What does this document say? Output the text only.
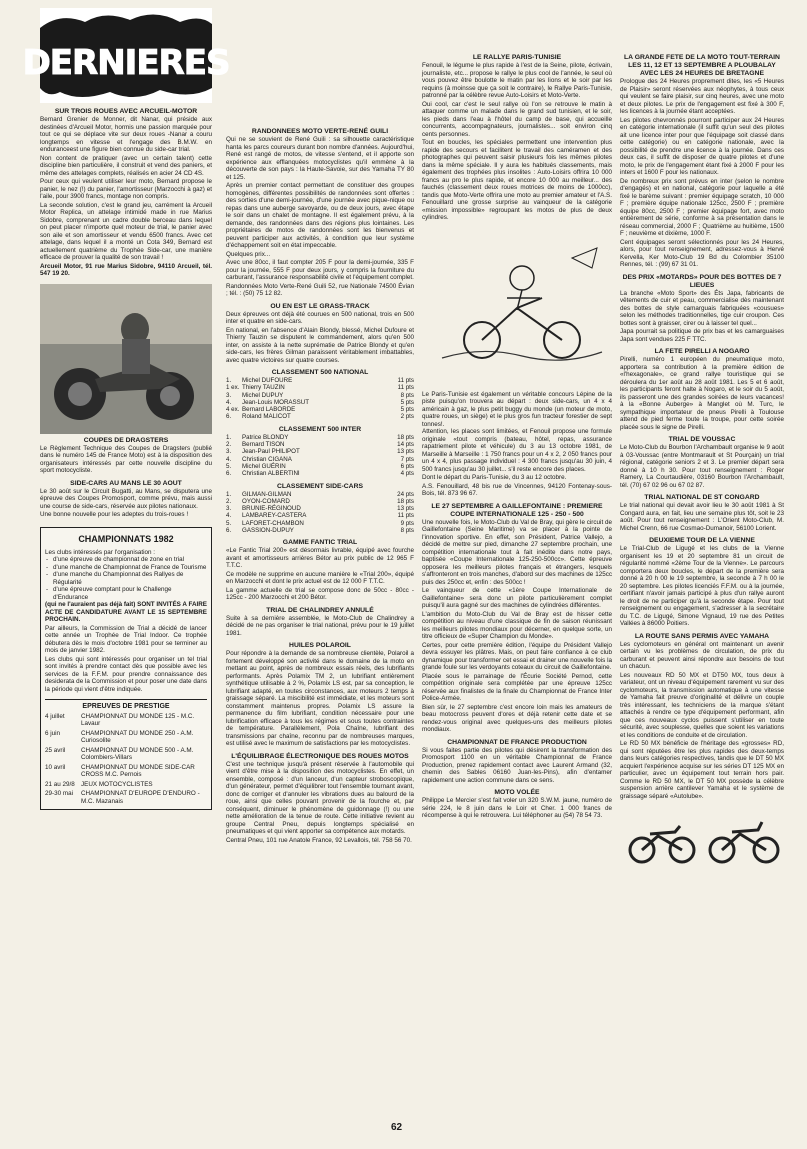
DERNIERES
SUR TROIS ROUES AVEC ARCUEIL-MOTOR
Bernard Grenier de Monner, dit Nanar, qui préside aux destinées d'Arcueil Motor, hormis une passion marquée pour tout ce qui se déplace vite sur deux roues -Nanar a couru longtemps en vitesse et l'engage des B.M.W. en enduranceest une figure bien connue du side-car trial.
Non content de pratiquer (avec un certain talent) cette discipline bien particulière, il construit et vend des paniers, et même des attelages complets, réalisés en acier 24 CD 4S.
Pour ceux qui veulent utiliser leur moto, Bernard propose le panier, le nez (!) du panier, l'amortisseur (Marzocchi à gaz) et l'aile, pour 3900 francs, montage non compris.
La seconde solution, c'est le grand jeu, carrément la Arcueil Motor Replica, un attelage intimidé made in rue Marius Sidobre, comprenant un cadre double berceau dans lequel on peut placer n'importe quel moteur de trial, le panier avec son aile et son amortisseur et vendu 6500 francs. Avec cet attelage, dans lequel il a monté un Cota 349, Bernard est actuellement quatrième du Trophée Side-car, une manière efficace de prouver la qualité de son travail !
Arcueil Motor, 91 rue Marius Sidobre, 94110 Arcueil, tél. 547 19 20.
COUPES DE DRAGSTERS
Le Règlement Technique des Coupes de Dragsters (publié dans le numéro 145 de France Moto) est à la disposition des organisateurs intéressés par cette nouvelle discipline du sport motocycliste.
SIDE-CARS AU MANS LE 30 AOUT
Le 30 août sur le Circuit Bugatti, au Mans, se disputera une épreuve des Coupes Promosport, comme prévu, mais aussi une course de side-cars, réservée aux pilotes nationaux.
Une bonne nouvelle pour les adeptes du trois-roues !
CHAMPIONNATS 1982
Les clubs intéressés par l'organisation :
- d'une épreuve de championnat de zone en trial
- d'une manche de Championnat de France de Tourisme
- d'une manche du Championnat des Rallyes de Régularité
- d'une épreuve comptant pour le Challenge d'Endurance
(qui ne l'auraient pas déjà fait) SONT INVITÉS A FAIRE ACTE DE CANDIDATURE AVANT LE 15 SEPTEMBRE PROCHAIN.
Par ailleurs, la Commission de Trial a décidé de lancer cette année un Trophée de Trial Indoor. Ce trophée débutera dès le mois d'octobre 1981 pour se terminer au mois de janvier 1982.
Les clubs qui sont intéressés pour organiser un tel trial sont invités à prendre contact dès que possible avec les services de la F.F.M. pour prendre connaissance des desiderata de la Commission et pour poser une date dans la période qui vient d'être indiquée.
EPREUVES DE PRESTIGE
4 juillet	CHAMPIONNAT DU MONDE 125 - M.C. Lavaur
6 juin	CHAMPIONNAT DU MONDE 250 - A.M. Curiosolite
25 avril	CHAMPIONNAT DU MONDE 500 - A.M. Colombiers-Villars
10 avril	CHAMPIONNAT DU MONDE SIDE-CAR CROSS M.C. Pernois
21 au 29/8 JEUX MOTOCYCLISTES
29-30 mai	CHAMPIONNAT D'EUROPE D'ENDURO - M.C. Mazanais
RANDONNEES MOTO VERTE-RENÉ GUILI
Qui ne se souvient de René Guili : sa silhouette caractéristique hanta les parcs coureurs durant bon nombre d'années. Aujourd'hui, René est rangé de motos, de vitesse s'entend, et il apporte son expérience aux efflanquées motocyclistes qu'il emmène à la découverte de son pays : la Haute-Savoie, sur des Yamaha TY 80 et 125.
Après un premier contact permettant de constituer des groupes homogènes, différentes possibilités de randonnées sont offertes : des sorties d'une demi-journée, d'une journée avec pique-nique ou repas dans une auberge savoyarde, ou de deux jours, avec étape le soir dans un chalet de montagne. Il est également prévu, à la demande, des randonnées dans des régions plus lointaines. Les propriétaires de motos de randonnées sont les bienvenus et peuvent participer aux activités, à condition que leur système d'échappement soit en état impeccable.
Quelques prix...
Avec une 80cc, il faut compter 205 F pour la demi-journée, 335 F pour la journée, 555 F pour deux jours, y compris la fourniture du carburant, l'assurance responsabilité civile et l'équipement complet.
Randonnées Moto Verte-René Guili 52, rue Nationale 74500 Évian ; tél. : (50) 75 12 82.
OU EN EST LE GRASS-TRACK
Deux épreuves ont déjà été courues en 500 national, trois en 500 inter et quatre en side-cars.
En national, en l'absence d'Alain Blondy, blessé, Michel Dufoure et Thierry Tauzin se disputent le commandement, alors qu'en 500 inter, on assiste à la nette suprématie de Patrice Blondy et qu'en side-cars, les frères Gilman paraissent véritablement imbattables, avec quatre victoires sur quatre courses.
CLASSEMENT 500 NATIONAL
1.	Michel DUFOURE	11 pts
1 ex.	Thierry TAUZIN	11 pts
3.	Michel DUPUY	8 pts
4.	Jean-Louis MORASSUT	5 pts
4 ex.	Bernard LABORDE	5 pts
6.	Roland MALICOT	2 pts
CLASSEMENT 500 INTER
1.	Patrice BLONDY	18 pts
2.	Bernard TISON	14 pts
3.	Jean-Paul PHILIPOT	13 pts
4.	Christian CIGANA	7 pts
5.	Michel GUÉRIN	6 pts
6.	Christian ALBERTINI	4 pts
CLASSEMENT SIDE-CARS
1.	GILMAN-GILMAN	24 pts
2.	OYON-COMARD	18 pts
3.	BRUNIE-RÉGINOUD	13 pts
4.	LAMBAREY-CASTERA	11 pts
5.	LAFORET-CHAMBON	9 pts
6.	GASSION-DUPUY	8 pts
GAMME FANTIC TRIAL
«Le Fantic Trial 200» est désormais livrable, équipé avec fourche avant et amortisseurs arrières Bétor au prix public de 12 965 F T.T.C.
Ce modèle ne supprime en aucune manière le «Trial 200», équipé en Marzocchi et dont le prix actuel est de 12 000 F T.T.C.
La gamme actuelle de trial se compose donc de 50cc - 80cc - 125cc - 200 Marzocchi et 200 Bétor.
TRIAL DE CHALINDREY ANNULÉ
Suite à sa dernière assemblée, le Moto-Club de Chalindrey a décidé de ne pas organiser le trial national, prévu pour le 19 juillet 1981.
HUILES POLAROIL
Pour répondre à la demande de sa nombreuse clientèle, Polaroil a fortement développé son activité dans le domaine de la moto en mettant au point, après de nombreux essais réels, des lubrifiants performants. Après Polamix TM 2, un lubrifiant entièrement synthétique utilisable à 2 %, Polamix LS est, par sa conception, le lubrifiant adapté, en toutes circonstances, aux moteurs 2 temps à graissage séparé. La miscibilité est immédiate, et les moteurs sont constamment maintenus propres. Polamix LS assure la permanence du film lubrifiant, condition nécessaire pour une lubrification efficace à tous les régimes et sous toutes contraintes de température. Parallèlement, Pola Chaîne, lubrifiant des transmissions par chaîne, reconnu par de nombreuses marques, est utilisé avec le maximum de satisfactions par les motocyclistes.
L'ÉQUILIBRAGE ÉLECTRONIQUE DES ROUES MOTOS
C'est une technique jusqu'à présent réservée à l'automobile qui vient d'être mise à la disposition des motocyclistes. En effet, un ensemble, composé : d'un lanceur, d'un capteur stroboscopique, d'un générateur, permet d'équilibrer tout l'ensemble tournant avant, donc de corriger et d'annuler les vibrations dues au balourd de la roue, ainsi que celles pouvant provenir de la fourche et, par conséquent, diminuer le phénomène de guidonnage (!) ou une nette amélioration de la tenue de route. Cette initiative revient au groupe Central Pneu, depuis longtemps spécialisé en pneumatiques et qui vient apporter sa compétence aux motards.
Central Pneu, 101 rue Anatole France, 92 Levallois, tél. 758 56 70.
LE RALLYE PARIS-TUNISIE
Fenouil, le légume le plus rapide à l'est de la Seine, pilote, écrivain, journaliste, etc... propose le rallye le plus cool de l'année, le seul où vous pouvez être boulotte le matin par les lions et le soir par les requins (à moinsse que ça soit le contraire), le Rallye Paris-Tunisie, patronné par la célèbre revue Auto-Loisirs et Moto-Verte.
Oui cool, car c'est le seul rallye où l'on se retrouve le matin à attaquer comme un malade dans le grand sud tunisien, et le soir, les pieds dans l'eau à l'hôtel du camp de base, qui accueille concurrents, accompagnateurs, journalistes... soit environ cinq cents personnes.
Tout en boucles, les spéciales permettent une intervention plus rapide des secours et facilitent le travail des caméramen et des photographes qui peuvent saisir plusieurs fois les mêmes pilotes dans la même spéciale. Il y aura les habitués classements, mais également des trophées plus insolites : Auto-Loisirs offrira 10 000 francs au pro le plus rapide, et encore 10 000 au meilleur... des fauchés (classement deux roues motrices de moins de 1000cc), tandis que Moto-Verte offrira une moto au premier amateur et l'A.S. Fenouillard une grosse surprise au vainqueur de la catégorie «mission impossible» regroupant les motos de plus de deux cylindres.
Le Paris-Tunisie est également un véritable concours Lépine de la piste puisqu'on trouvera au départ : deux side-cars, un 4 x 4 américain à gaz, le plus petit buggy du monde (un moteur de moto, quatre roues, un siège) et le plus gros fun tracteur forestier de sept tonnes!.
Attention, les places sont limitées, et Fenouil propose une formule originale «tout compris (bateau, hôtel, repas, assurance rapatriement pilote et véhicule) du 3 au 13 octobre 1981, de Marseille à Marseille : 1 750 francs pour un 4 x 2, 2 050 francs pour un 4 x 4, plus passage individuel : 4 300 francs jusqu'au 30 juin, 4 500 francs jusqu'au 30 juillet... s'il reste encore des places.
Dont le départ du Paris-Tunisie, du 3 au 12 octobre.
A.S. Fenouillard, 48 bis rue de Vincennes, 94120 Fontenay-sous-Bois, tél. 873 96 67.
LE 27 SEPTEMBRE A GAILLEFONTAINE : PREMIERE COUPE INTERNATIONALE 125 - 250 - 500
Une nouvelle fois, le Moto-Club du Val de Bray, qui gère le circuit de Gaillefontaine (Seine Maritime) va se placer à la pointe de l'innovation sportive. En effet, son Président, Patrice Vallejo, a décidé de mettre sur pied, dimanche 27 septembre prochain, une compétition internationale tout à fait inédite dans notre pays, baptisée «Coupe Internationale 125-250-500cc». Cette épreuve opposera les meilleurs pilotes français et étrangers, lesquels s'affronteront en trois manches, d'abord sur des machines de 125cc puis des 250cc et, enfin : des 500cc !
Le vainqueur de cette «1ère Coupe Internationale de Gaillefontaine» sera donc un pilote particulièrement complet puisqu'il aura gagné sur des machines de cylindrées différentes.
L'ambition du Moto-Club du Val de Bray est de hisser cette compétition au niveau d'une classique de fin de saison réunissant les meilleurs pilotes mondiaux pour décerner, en quelque sorte, un titre officieux de «Super Champion du Monde».
Certes, pour cette première édition, l'équipe du Président Vallejo devra essuyer les plâtres. Mais, on peut faire confiance à ce club dynamique pour transformer cet essai et drainer une nouvelle fois la grande foule sur les verdoyants coteaux du circuit de Gaillefontaine.
Placée sous le parrainage de l'Écurie Société Pernod, cette compétition originale sera complétée par une épreuve 125cc réservée aux finalistes de la finale du Championnat de France Inter Police-Armée.
Bien sûr, le 27 septembre c'est encore loin mais les amateurs de beau motocross peuvent d'ores et déjà retenir cette date et se rendez-vous original avec quelques-uns des meilleurs pilotes mondiaux.
CHAMPIONNAT DE FRANCE PRODUCTION
Si vous faites partie des pilotes qui désirent la transformation des Promosport 1100 en un véritable Championnat de France Production, prenez rapidement contact avec Laurent Armand (32, chemin des Sables 06160 Juan-les-Pins), afin d'entamer rapidement une action commune dans ce sens.
MOTO VOLÉE
Philippe Le Mercier s'est fait voler un 320 S.W.M. jaune, numéro de série 224, le 8 juin dans le Loir et Cher. 1 000 francs de récompense à qui le retrouvera. Lui téléphoner au (54) 78 54 73.
LA GRANDE FETE DE LA MOTO TOUT-TERRAIN LES 11, 12 ET 13 SEPTEMBRE A PLOUBALAY AVEC LES 24 HEURES DE BRETAGNE
Prologue des 24 Heures proprement dites, les «5 Heures de Plaisir» seront réservées aux néophytes, à tous ceux qui veulent se faire plaisir, sur cinq heures, avec une moto et deux pilotes. Le prix de l'engagement est fixé à 300 F, les licences à la journée étant acceptées.
Les pilotes chevronnés pourront participer aux 24 Heures en catégorie internationale (il suffit qu'un seul des pilotes ait une licence inter pour que l'équipage soit classé dans cette catégorie) ou en catégorie nationale, avec la possibilité de prendre une licence à la journée. Dans ces deux cas, il suffit de disposer de quatre pilotes et d'une moto, le prix de l'engagement étant fixé à 2000 F pour les inters et 1600 F pour les nationaux.
De nombreux prix sont prévus en inter (selon le nombre d'engagés) et en national, catégorie pour laquelle a été fixé le barème suivant : premier équipage scratch, 10 000 F ; première équipe nationale 125cc, 2500 F ; première équipe 80cc, 2500 F ; premier équipage fort, avec moto entièrement de série, conforme à sa présentation dans le réseau commercial, 2000 F ; Quatrième au huitième, 1500 F ; neuvième et dixième, 1000 F.
Cent équipages seront sélectionnés pour les 24 Heures, alors, pour tout renseignement, adressez-vous à Hervé Kervella, Ker Moto-Club 19 Bd du Colombier 35100 Rennes, tél. : (99) 67 31 01.
DES PRIX «MOTARDS» POUR DES BOTTES DE 7 LIEUES
La branche «Moto Sport» des Éts Japa, fabricants de vêtements de cuir et peau, commercialise dès maintenant des bottes de style camarguais fabriquées «cousues» selon les méthodes traditionnelles, tige cuir croupon. Ces bottes sont à graisser, cirer ou à laisser tel quel...
Japa pourrait sa politique de prix bas et les camarguaises Japa sont vendues 225 F TTC.
LA FETE PIRELLI A NOGARO
Pirelli, numéro 1 européen du pneumatique moto, apportera sa contribution à la première édition de «l'hexagonale», ce grand rallye touristique qui se déroulera du 1er août au 28 août 1981. Les 5 et 6 août, les participants feront halte à Nogaro, et le soir du 5 août, ils passeront une des grandes soirées de leurs vacances! à la «Bonne Auberge» à Manglet où M. Turc, le sympathique importateur de pneus Pirelli à Toulouse attend de pied ferme toute la troupe, pour cette soirée placée sous le signe de Pirelli.
TRIAL DE VOUSSAC
Le Moto-Club du Bourbon l'Archambault organise le 9 août à 03-Voussac (entre Montmarault et St Pourçain) un trial régional, catégorie seniors 2 et 3. Le premier départ sera donné à 10 h 30. Pour tout renseignement : Roger Ramery, La Courtaudière, 03160 Bourbon l'Archambault, tél. (70) 67 02 96 ou 67 02 87.
TRIAL NATIONAL DE ST CONGARD
Le trial national qui devait avoir lieu le 30 août 1981 à St Congard aura, en fait, lieu une semaine plus tôt, soit le 23 août. Pour tout renseignement : L'Orient Moto-Club, M. Michel Crenn, 66 rue Cosmao-Dumanoir, 56100 Lorient.
DEUXIEME TOUR DE LA VIENNE
Le Trial-Club de Ligugé et les clubs de la Vienne organisent les 19 et 20 septembre 81 un circuit de régularité nommé «2ème Tour de la Vienne». Le parcours comportera deux boucles, le départ de la première sera donné à 20 h 00 le 19 septembre, la seconde à 7 h 00 le 20 septembre. Les pilotes licenciés F.F.M. ou à la journée, certifiant n'avoir jamais participé à plus d'un rallye auront le droit de ne participer qu'à la seconde étape. Pour tout renseignement ou engagement, s'adresser à la secrétaire du T.C. de Ligugé, Simone Vignaud, 19 rue des Petites Vallées à 86000 Poitiers.
LA ROUTE SANS PERMIS AVEC YAMAHA
Les cyclomoteurs en général ont maintenant un avenir certain vu les problèmes de circulation, de prix du carburant et peuvent ainsi répondre aux besoins de tout un chacun.
Les nouveaux RD 50 MX et DT50 MX, tous deux à variateur, ont un niveau d'équipement rarement vu sur des cyclomoteurs, la transmission automatique à une vitesse de Yamaha fait preuve d'originalité et délivre un couple très intéressant, les techniciens de la marque s'étant attachés à rendre ce type d'équipement performant, afin que ces nouveaux cyclos puissent s'utiliser en toute sécurité, avec souplesse, quelles que soient les variations et les conditions de conduite et de circulation.
Le RD 50 MX bénéficie de l'héritage des «grosses» RD, qui sont réputées être les plus rapides des deux-temps dans leurs catégories respectives, tandis que le DT 50 MX acquiert l'expérience acquise sur les séries DT 125 MX en particulier, avec un équipement tout terrain hors pair. Comme le RD 50 MX, le DT 50 MX possède la célèbre suspension arrière cantilever Yamaha et le système de graissage séparé «Autolube».
62
